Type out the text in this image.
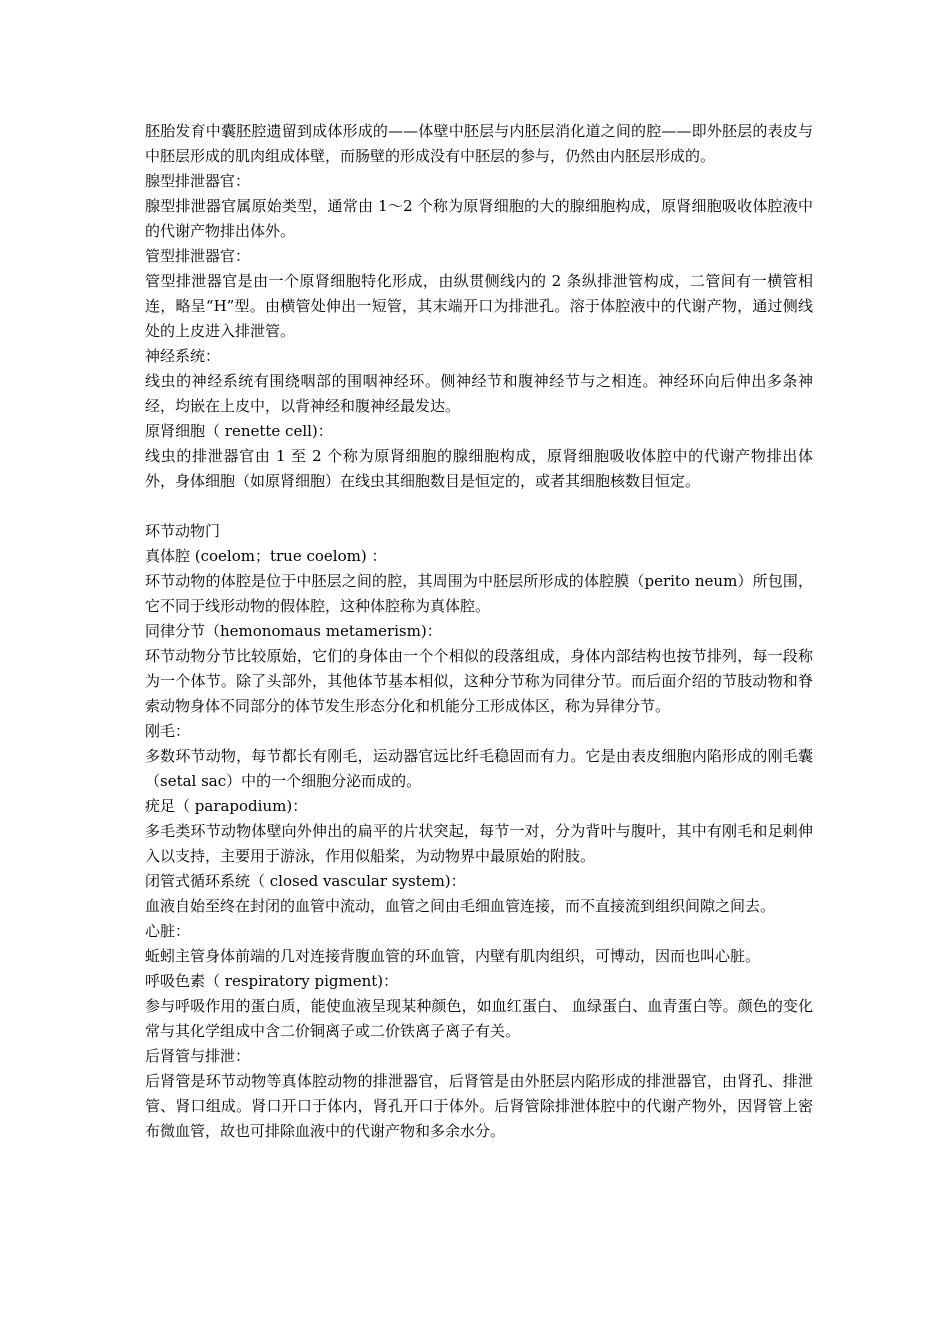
胚胎发育中囊胚腔遗留到成体形成的——体壁中胚层与内胚层消化道之间的腔——即外胚层的表皮与中胚层形成的肌肉组成体壁，而肠壁的形成没有中胚层的参与，仍然由内胚层形成的。

腺型排泄器官：

腺型排泄器官属原始类型，通常由 1～2 个称为原肾细胞的大的腺细胞构成，原肾细胞吸收体腔液中的代谢产物排出体外。

管型排泄器官：

管型排泄器官是由一个原肾细胞特化形成，由纵贯侧线内的 2 条纵排泄管构成，二管间有一横管相连，略呈“H”型。由横管处伸出一短管，其末端开口为排泄孔。溶于体腔液中的代谢产物，通过侧线处的上皮进入排泄管。

神经系统：

线虫的神经系统有围绕咽部的围咽神经环。侧神经节和腹神经节与之相连。神经环向后伸出多条神经，均嵌在上皮中，以背神经和腹神经最发达。

原肾细胞（ renette cell)：

线虫的排泄器官由 1 至 2 个称为原肾细胞的腺细胞构成，原肾细胞吸收体腔中的代谢产物排出体外，身体细胞（如原肾细胞）在线虫其细胞数目是恒定的，或者其细胞核数目恒定。

环节动物门

真体腔 (coelom；true coelom) ：

环节动物的体腔是位于中胚层之间的腔，其周围为中胚层所形成的体腔膜（perito neum）所包围，它不同于线形动物的假体腔，这种体腔称为真体腔。

同律分节（hemonomaus metamerism)：

环节动物分节比较原始，它们的身体由一个个相似的段落组成，身体内部结构也按节排列，每一段称为一个体节。除了头部外，其他体节基本相似，这种分节称为同律分节。而后面介绍的节肢动物和脊索动物身体不同部分的体节发生形态分化和机能分工形成体区，称为异律分节。

刚毛：

多数环节动物，每节都长有刚毛，运动器官远比纤毛稳固而有力。它是由表皮细胞内陷形成的刚毛囊（setal sac）中的一个细胞分泌而成的。

疣足（ parapodium)：

多毛类环节动物体壁向外伸出的扁平的片状突起，每节一对，分为背叶与腹叶，其中有刚毛和足刺伸入以支持，主要用于游泳，作用似船桨，为动物界中最原始的附肢。

闭管式循环系统（ closed vascular system)：

血液自始至终在封闭的血管中流动，血管之间由毛细血管连接，而不直接流到组织间隙之间去。

心脏：

蚯蚓主管身体前端的几对连接背腹血管的环血管，内壁有肌肉组织，可博动，因而也叫心脏。

呼吸色素（ respiratory pigment)：

参与呼吸作用的蛋白质，能使血液呈现某种颜色，如血红蛋白、 血绿蛋白、血青蛋白等。颜色的变化常与其化学组成中含二价铜离子或二价铁离子离子有关。

后肾管与排泄：

后肾管是环节动物等真体腔动物的排泄器官，后肾管是由外胚层内陷形成的排泄器官，由肾孔、排泄管、肾口组成。肾口开口于体内，肾孔开口于体外。后肾管除排泄体腔中的代谢产物外，因肾管上密布微血管，故也可排除血液中的代谢产物和多余水分。
